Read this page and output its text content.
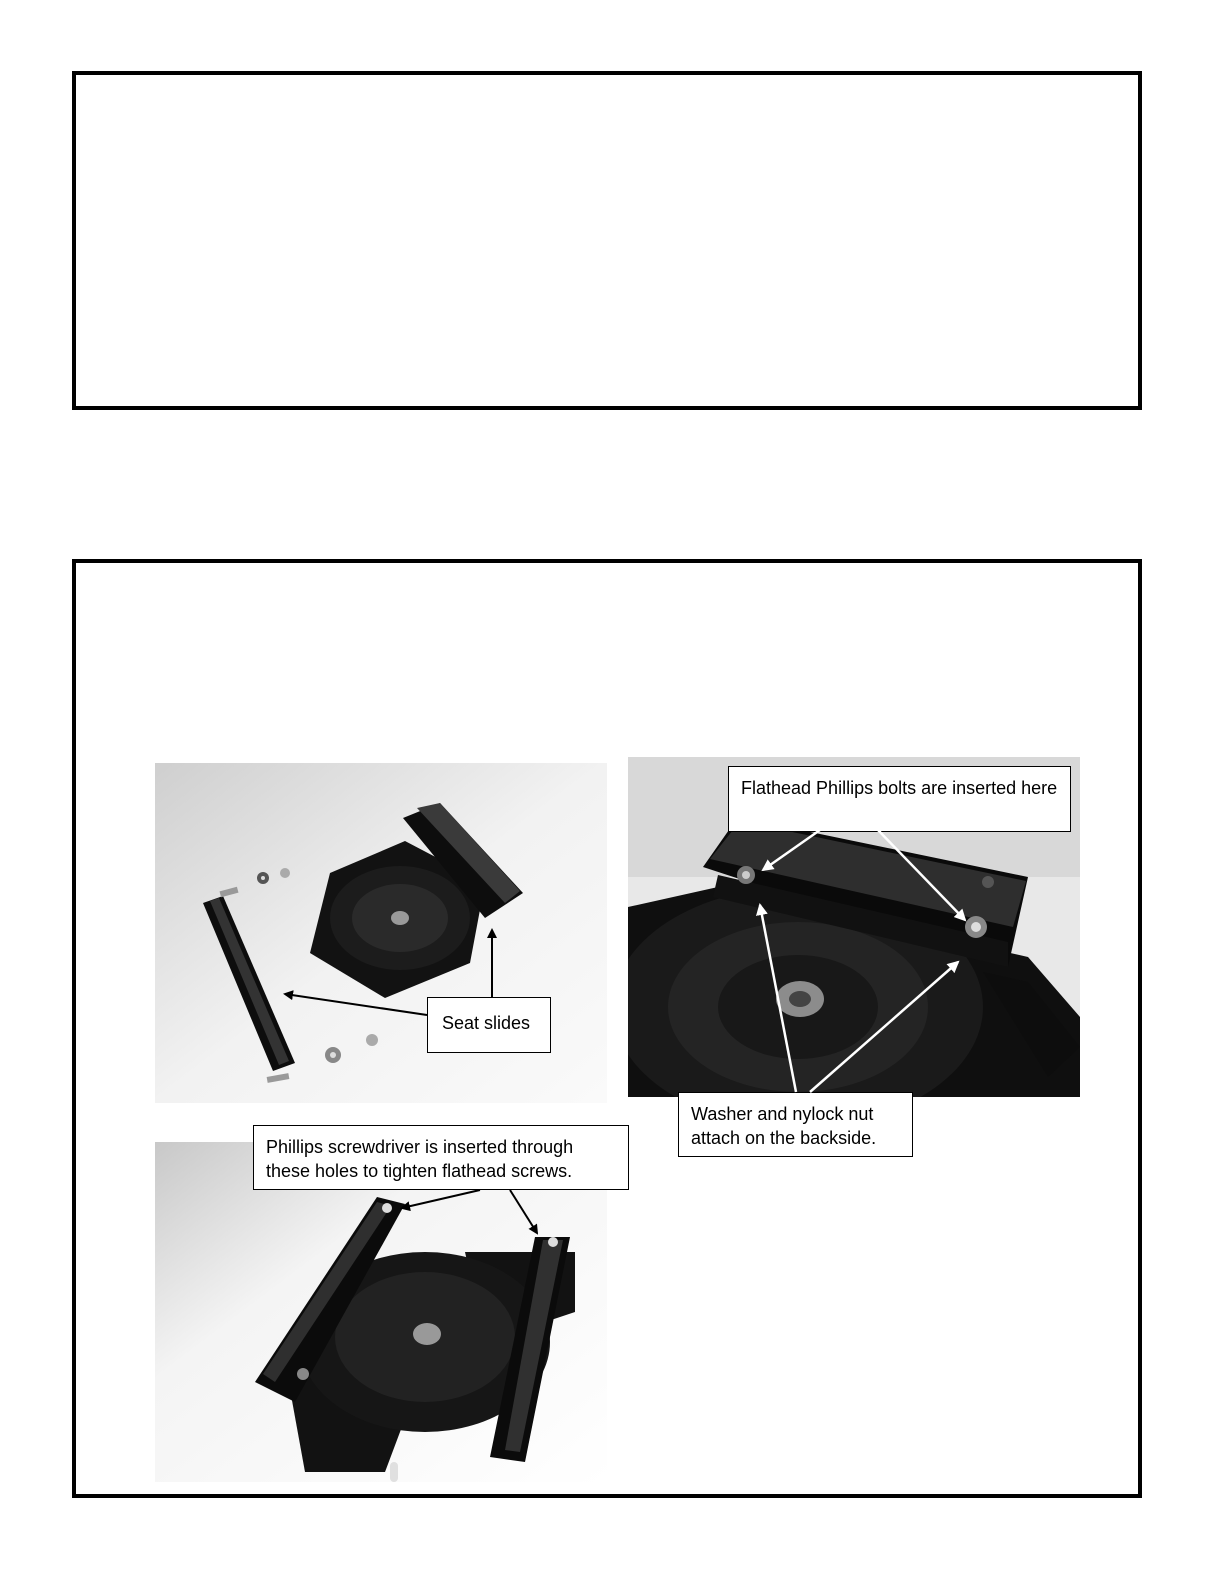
Seat slides
Flathead Phillips bolts are inserted here
Washer and nylock nut attach on the backside.
Phillips screwdriver is inserted through these holes to tighten flathead screws.
